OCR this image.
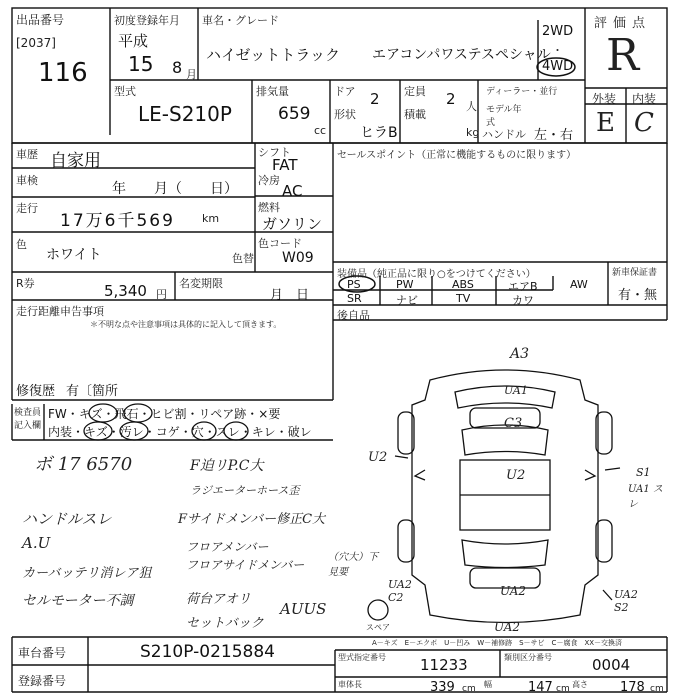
出品番号
[2037]
116
初度登録年月
平成
15 8 月
車名・グレード
ハイゼットトラック エアコンパワステスペシャル
2WD
・
4WD
評価点
R
外装 内装
E C
型式
LE-S210P
排気量
659
cc
ドア 2
形状
ヒラB
定員 2 人
積載
kg
ディーラー・並行
モデル年式
ハンドル 左・右
車歴 自家用
車検
年　　月（　　日）
走行
17万6千569 km
色
ホワイト	色替
R券	5,340 円
名変期限
月　日
走行距離申告事項
＊不明な点や注意事項は具体的に記入して頂きます。
修復歴 有〔箇所
シフト
FAT
冷房
AC
燃料
ガソリン
色コード
W09
セールスポイント（正常に機能するものに限ります）
装備品（純正品に限り○をつけてください）
PS	PW	ABS	エアB	AW
SR	ナビ	TV	カワ
新車保証書
有・無
後自品
検査員記入欄
FW・キズ・飛石・ヒビ割・リペア跡・×要
内装・キズ・汚レ・コゲ・穴・スレ・キレ・破レ
ボ 17 6570
ハンドルスレ
A.U
カーバッテリ消レア狙
セルモーター不調
F迫リP.C大
ラジエーターホース歪
Fサイドメンバー修正C大
フロアメンバー
フロアサイドメンバー
（穴大）下見要
荷台アオリ
セットバック
AUUS
スペア
A3
UA1
C3
U2
U2	S1
UA1 スレ
UA2 C2	UA2	UA2 S2
UA2
A－キズ　E－エクボ　U－凹み　W－補修跡　S－サビ　C－腐食　XX－交換済
車台番号	S210P-0215884
登録番号
型式指定番号 11233	類別区分番号	0004
車体長	339 cm 幅	147 cm 高さ 178 cm
